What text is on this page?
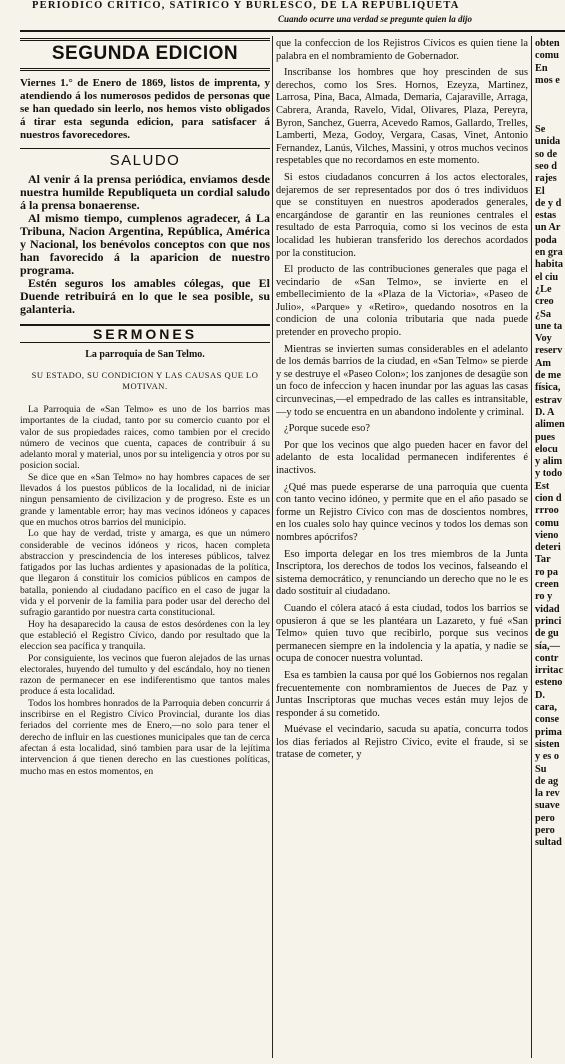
PERIÓDICO CRÍTICO, SATÍRICO Y BURLESCO, DE LA REPUBLIQUETA
Cuando ocurre una verdad se pregunte quien la dijo
SEGUNDA EDICION
Viernes 1.° de Enero de 1869, listos de imprenta, y atendiendo á los numerosos pedidos de personas que se han quedado sin leerlo, nos hemos visto obligados á tirar esta segunda edicion, para satisfacer á nuestros favorecedores.
SALUDO

Al venir á la prensa periódica, enviamos desde nuestra humilde Republiqueta un cordial saludo á la prensa bonaerense.

Al mismo tiempo, cumplenos agradecer, á La Tribuna, Nacion Argentina, República, América y Nacional, los benévolos conceptos con que nos han favorecido á la aparicion de nuestro programa.

Estén seguros los amables cólegas, que El Duende retribuirá en lo que le sea posible, su galanteria.

SERMONES
La parroquia de San Telmo.
SU ESTADO, SU CONDICION Y LAS CAUSAS QUE LO MOTIVAN.

La Parroquia de «San Telmo» es uno de los barrios mas importantes de la ciudad, tanto por su comercio cuanto por el valor de sus propiedades raices, como tambien por el crecido número de vecinos que cuenta, capaces de contribuir á su adelanto moral y material, unos por su inteligencia y otros por su posicion social.

Se dice que en «San Telmo» no hay hombres capaces de ser llevados á los puestos públicos de la localidad, ni de iniciar ningun pensamiento de civilizacion y de progreso. Este es un grande y lamentable error; hay mas vecinos idóneos y capaces que en muchos otros barrios del municipio.

Lo que hay de verdad, triste y amarga, es que un número considerable de vecinos idóneos y ricos, hacen completa abstraccion y prescindencia de los intereses públicos, talvez fatigados por las luchas ardientes y apasionadas de la política, que llegaron á constituir los comicios públicos en campos de batalla, poniendo al ciudadano pacífico en el caso de jugar la vida y el porvenir de la familia para poder usar del derecho del sufragio garantido por nuestra carta constitucional.

Hoy ha desaparecido la causa de estos desórdenes con la ley que estableció el Registro Cívico, dando por resultado que la eleccion sea pacífica y tranquila.

Por consiguiente, los vecinos que fueron alejados de las urnas electorales, huyendo del tumulto y del escándalo, hoy no tienen razon de permanecer en ese indiferentismo que tantos males produce á esta localidad.

Todos los hombres honrados de la Parroquia deben concurrir á inscribirse en el Registro Cívico Provincial, durante los dias feriados del corriente mes de Enero,—no solo para tener el derecho de influir en las cuestiones municipales que tan de cerca afectan á esta localidad, sinó tambien para usar de la lejítima intervencion á que tienen derecho en las cuestiones políticas, mucho mas en estos momentos, en

que la confeccion de los Rejistros Cívicos es quien tiene la palabra en el nombramiento de Gobernador.

Inscríbanse los hombres que hoy prescinden de sus derechos, como los Sres. Hornos, Ezeyza, Martinez, Larrosa, Pina, Baca, Almada, Demaria, Cajaraville, Arraga, Cabrera, Aranda, Ravelo, Vidal, Olivares, Plaza, Pereyra, Byron, Sanchez, Guerra, Acevedo Ramos, Gallardo, Trelles, Lamberti, Meza, Godoy, Vergara, Casas, Vinet, Antonio Fernandez, Lanús, Vilches, Massini, y otros muchos vecinos respetables que no recordamos en este momento.

Si estos ciudadanos concurren á los actos electorales, dejaremos de ser representados por dos ó tres individuos que se constituyen en nuestros apoderados generales, encargándose de garantir en las reuniones centrales el resultado de esta Parroquia, como si los vecinos de esta localidad les hubieran transferido los derechos acordados por la constitucion.

El producto de las contribuciones generales que paga el vecindario de «San Telmo», se invierte en el embellecimiento de la «Plaza de la Victoria», «Paseo de Julio», «Parque» y «Retiro», quedando nosotros en la condicion de una colonia tributaria que nada puede pretender en provecho propio.

Mientras se invierten sumas considerables en el adelanto de los demás barrios de la ciudad, en «San Telmo» se pierde y se destruye el «Paseo Colon»; los zanjones de desagüe son un foco de infeccion y hacen inundar por las aguas las casas circunvecinas,—el empedrado de las calles es intransitable,—y todo se encuentra en un abandono indolente y criminal.

¿Porque sucede eso?

Por que los vecinos que algo pueden hacer en favor del adelanto de esta localidad permanecen indiferentes é inactivos.

¿Qué mas puede esperarse de una parroquia que cuenta con tanto vecino idóneo, y permite que en el año pasado se forme un Rejistro Cívico con mas de doscientos nombres, en los cuales solo hay quince vecinos y todos los demas son nombres apócrifos?

Eso importa delegar en los tres miembros de la Junta Inscriptora, los derechos de todos los vecinos, falseando el sistema democrático, y renunciando un derecho que no le es dado sostituir al ciudadano.

Cuando el cólera atacó á esta ciudad, todos los barrios se opusieron á que se les plantéara un Lazareto, y fué «San Telmo» quien tuvo que recibirlo, porque sus vecinos permanecen siempre en la indolencia y la apatía, y nadie se ocupa de conocer nuestra voluntad.

Esa es tambien la causa por qué los Gobiernos nos regalan frecuentemente con nombramientos de Jueces de Paz y Juntas Inscriptoras que muchas veces están muy lejos de responder á su cometido.

Muévase el vecindario, sacuda su apatía, concurra todos los dias feriados al Rejistro Cívico, evite el fraude, si se tratase de cometer, y

obten
comu
En
mos e
Se
unida
so de
seo d
rajes
El
de y d
estas
un Ar
poda
en gra
habita
el ciu
¿Le
creo
¿Sa
une ta
Voy
reserv
Am
de me
física,
estrav
D. A
alimen
pues
elocu
y alim
y todo
Est
cion d
rrroo
comu
vieno
deteri
Tar
ro pa
creen
ro y
vidad
princi
de gu
sía,—
contr
irritac
esteno
D.
cara,
conse
prima
sisten
y es o
Su
de ag
la rev
suave
pero
pero
sultad
